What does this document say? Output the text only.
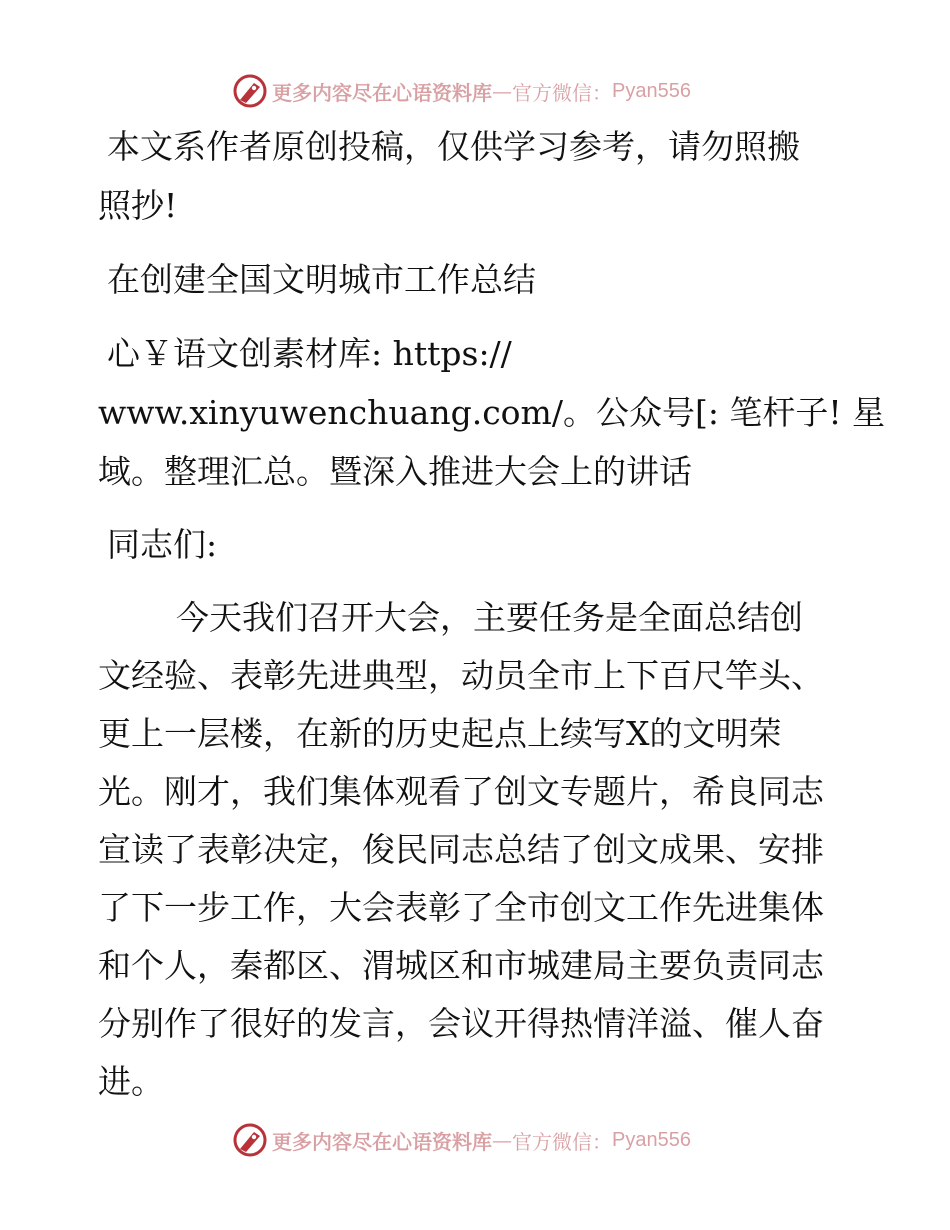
更多内容尽在心语资料库 — 官方微信： Pyan556
本文系作者原创投稿，仅供学习参考，请勿照搬
照抄!
在创建全国文明城市工作总结
心￥语文创素材库: https://
www.xinyuwenchuang.com/。公众号[: 笔杆子! 星
域。整理汇总。暨深入推进大会上的讲话
同志们:
今天我们召开大会，主要任务是全面总结创
文经验、表彰先进典型，动员全市上下百尺竿头、
更上一层楼，在新的历史起点上续写X的文明荣
光。刚才，我们集体观看了创文专题片，希良同志
宣读了表彰决定，俊民同志总结了创文成果、安排
了下一步工作，大会表彰了全市创文工作先进集体
和个人，秦都区、渭城区和市城建局主要负责同志
分别作了很好的发言，会议开得热情洋溢、催人奋
进。
更多内容尽在心语资料库 — 官方微信： Pyan556
